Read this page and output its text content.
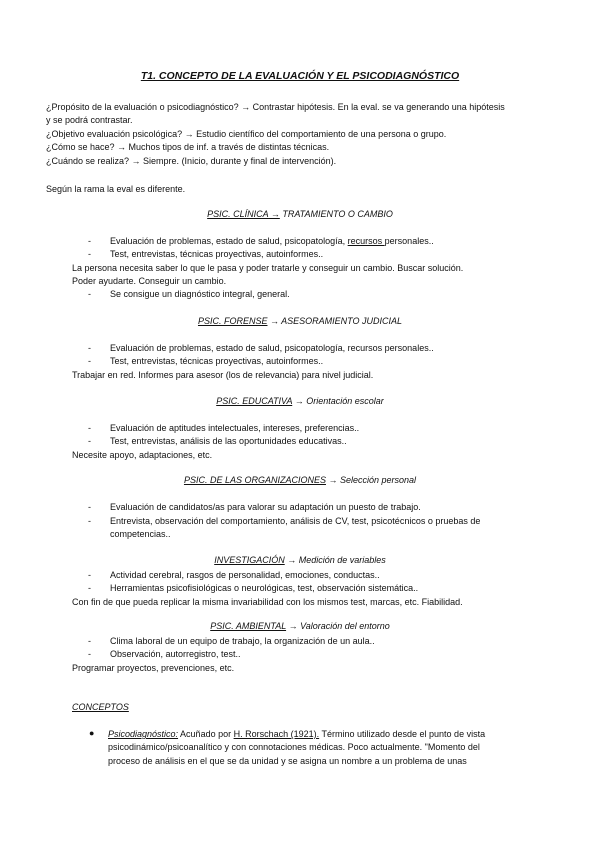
T1. CONCEPTO DE LA EVALUACIÓN Y EL PSICODIAGNÓSTICO
¿Propósito de la evaluación o psicodiagnóstico? → Contrastar hipótesis. En la eval. se va generando una hipótesis
y se podrá contrastar.
¿Objetivo evaluación psicológica? → Estudio científico del comportamiento de una persona o grupo.
¿Cómo se hace? → Muchos tipos de inf. a través de distintas técnicas.
¿Cuándo se realiza? → Siempre. (Inicio, durante y final de intervención).
Según la rama la eval es diferente.
PSIC. CLÍNICA → TRATAMIENTO O CAMBIO
- Evaluación de problemas, estado de salud, psicopatología, recursos personales..
- Test, entrevistas, técnicas proyectivas, autoinformes..
La persona necesita saber lo que le pasa y poder tratarle y conseguir un cambio. Buscar solución.
Poder ayudarte. Conseguir un cambio.
- Se consigue un diagnóstico integral, general.
PSIC. FORENSE → ASESORAMIENTO JUDICIAL
- Evaluación de problemas, estado de salud, psicopatología, recursos personales..
- Test, entrevistas, técnicas proyectivas, autoinformes..
Trabajar en red. Informes para asesor (los de relevancia) para nivel judicial.
PSIC. EDUCATIVA → Orientación escolar
- Evaluación de aptitudes intelectuales, intereses, preferencias..
- Test, entrevistas, análisis de las oportunidades educativas..
Necesite apoyo, adaptaciones, etc.
PSIC. DE LAS ORGANIZACIONES → Selección personal
- Evaluación de candidatos/as para valorar su adaptación un puesto de trabajo.
- Entrevista, observación del comportamiento, análisis de CV, test, psicotécnicos o pruebas de
competencias..
INVESTIGACIÓN → Medición de variables
- Actividad cerebral, rasgos de personalidad, emociones, conductas..
- Herramientas psicofisiológicas o neurológicas, test, observación sistemática..
Con fin de que pueda replicar la misma invariabilidad con los mismos test, marcas, etc. Fiabilidad.
PSIC. AMBIENTAL → Valoración del entorno
- Clima laboral de un equipo de trabajo, la organización de un aula..
- Observación, autorregistro, test..
Programar proyectos, prevenciones, etc.
CONCEPTOS
● Psicodiagnóstico: Acuñado por H. Rorschach (1921). Término utilizado desde el punto de vista
psicodinámico/psicoanalítico y con connotaciones médicas. Poco actualmente. "Momento del
proceso de análisis en el que se da unidad y se asigna un nombre a un problema de unas
